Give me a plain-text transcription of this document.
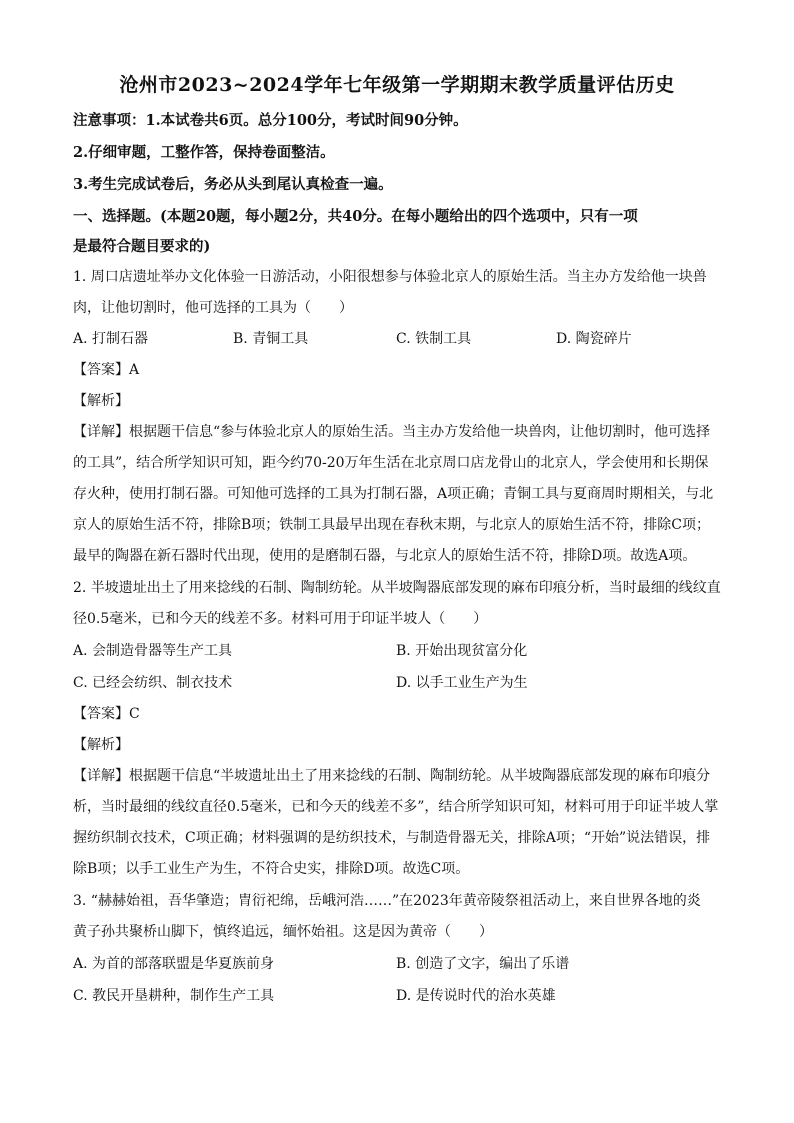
沧州市2023~2024学年七年级第一学期期末教学质量评估历史
注意事项：1.本试卷共6页。总分100分，考试时间90分钟。
2.仔细审题，工整作答，保持卷面整洁。
3.考生完成试卷后，务必从头到尾认真检查一遍。
一、选择题。(本题20题，每小题2分，共40分。在每小题给出的四个选项中，只有一项
是最符合题目要求的)
1. 周口店遗址举办文化体验一日游活动，小阳很想参与体验北京人的原始生活。当主办方发给他一块兽
肉，让他切割时，他可选择的工具为（　　）
A. 打制石器	B. 青铜工具	C. 铁制工具	D. 陶瓷碎片
【答案】A
【解析】
【详解】根据题干信息“参与体验北京人的原始生活。当主办方发给他一块兽肉，让他切割时，他可选择
的工具”，结合所学知识可知，距今约70-20万年生活在北京周口店龙骨山的北京人，学会使用和长期保
存火种，使用打制石器。可知他可选择的工具为打制石器，A项正确；青铜工具与夏商周时期相关，与北
京人的原始生活不符，排除B项；铁制工具最早出现在春秋末期，与北京人的原始生活不符，排除C项；
最早的陶器在新石器时代出现，使用的是磨制石器，与北京人的原始生活不符，排除D项。故选A项。
2. 半坡遗址出土了用来捻线的石制、陶制纺轮。从半坡陶器底部发现的麻布印痕分析，当时最细的线纹直
径0.5毫米，已和今天的线差不多。材料可用于印证半坡人（　　）
A. 会制造骨器等生产工具	B. 开始出现贫富分化
C. 已经会纺织、制衣技术	D. 以手工业生产为生
【答案】C
【解析】
【详解】根据题干信息“半坡遗址出土了用来捻线的石制、陶制纺轮。从半坡陶器底部发现的麻布印痕分
析，当时最细的线纹直径0.5毫米，已和今天的线差不多”，结合所学知识可知，材料可用于印证半坡人掌
握纺织制衣技术，C项正确；材料强调的是纺织技术，与制造骨器无关，排除A项；“开始”说法错误，排
除B项；以手工业生产为生，不符合史实，排除D项。故选C项。
3. “赫赫始祖，吾华肇造；胄衍祀绵，岳峨河浩……”在2023年黄帝陵祭祖活动上，来自世界各地的炎
黄子孙共聚桥山脚下，慎终追远，缅怀始祖。这是因为黄帝（　　）
A. 为首的部落联盟是华夏族前身	B. 创造了文字，编出了乐谱
C. 教民开垦耕种，制作生产工具	D. 是传说时代的治水英雄
